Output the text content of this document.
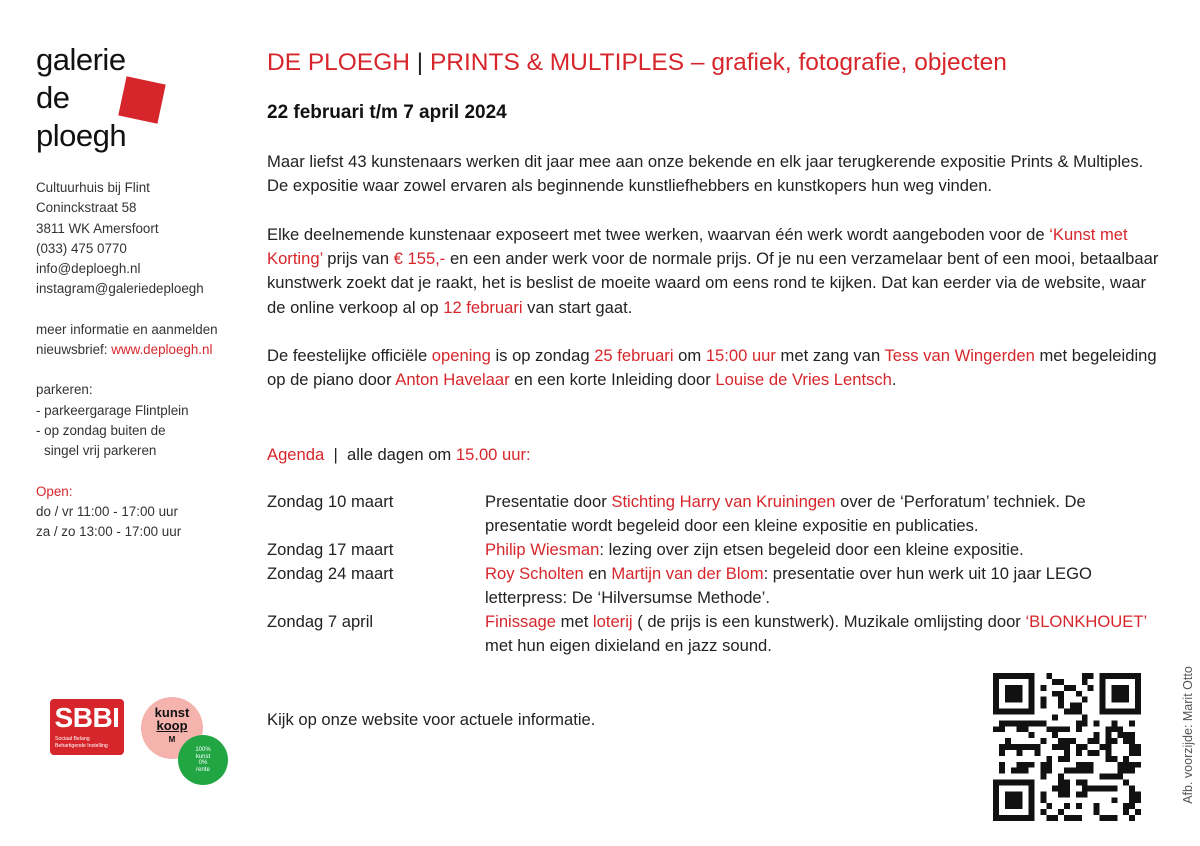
galerie
de
ploegh
Cultuurhuis bij Flint
Coninckstraat 58
3811 WK Amersfoort
(033) 475 0770
info@deploegh.nl
instagram@galeriedeploegh
meer informatie en aanmelden
nieuwsbrief: www.deploegh.nl
parkeren:
- parkeergarage Flintplein
- op zondag buiten de
singel vrij parkeren
Open:
do / vr 11:00 - 17:00 uur
za / zo 13:00 - 17:00 uur
DE PLOEGH | PRINTS & MULTIPLES – grafiek, fotografie, objecten
22 februari t/m 7 april 2024
Maar liefst 43 kunstenaars werken dit jaar mee aan onze bekende en elk jaar terugkerende expositie Prints & Multiples. De expositie waar zowel ervaren als beginnende kunstliefhebbers en kunstkopers hun weg vinden.
Elke deelnemende kunstenaar exposeert met twee werken, waarvan één werk wordt aangeboden voor de ‘Kunst met Korting’ prijs van € 155,- en een ander werk voor de normale prijs. Of je nu een verzamelaar bent of een mooi, betaalbaar kunstwerk zoekt dat je raakt, het is beslist de moeite waard om eens rond te kijken. Dat kan eerder via de website, waar de online verkoop al op 12 februari van start gaat.
De feestelijke officiële opening is op zondag 25 februari om 15:00 uur met zang van Tess van Wingerden met begeleiding op de piano door Anton Havelaar en een korte Inleiding door Louise de Vries Lentsch.
Agenda | alle dagen om 15.00 uur:
Zondag 10 maart	Presentatie door Stichting Harry van Kruiningen over de ‘Perforatum’ techniek. De presentatie wordt begeleid door een kleine expositie en publicaties.
Zondag 17 maart	Philip Wiesman: lezing over zijn etsen begeleid door een kleine expositie.
Zondag 24 maart	Roy Scholten en Martijn van der Blom: presentatie over hun werk uit 10 jaar LEGO letterpress: De ‘Hilversumse Methode’.
Zondag 7 april	Finissage met loterij ( de prijs is een kunstwerk). Muzikale omlijsting door ‘BLONKHOUET’ met hun eigen dixieland en jazz sound.
Kijk op onze website voor actuele informatie.
SBBI
Sociaal Belang
Behartigende Instelling
kunst
koop
M
100%
kunst
0%
rente	Afb. voorzijde: Marit Otto
